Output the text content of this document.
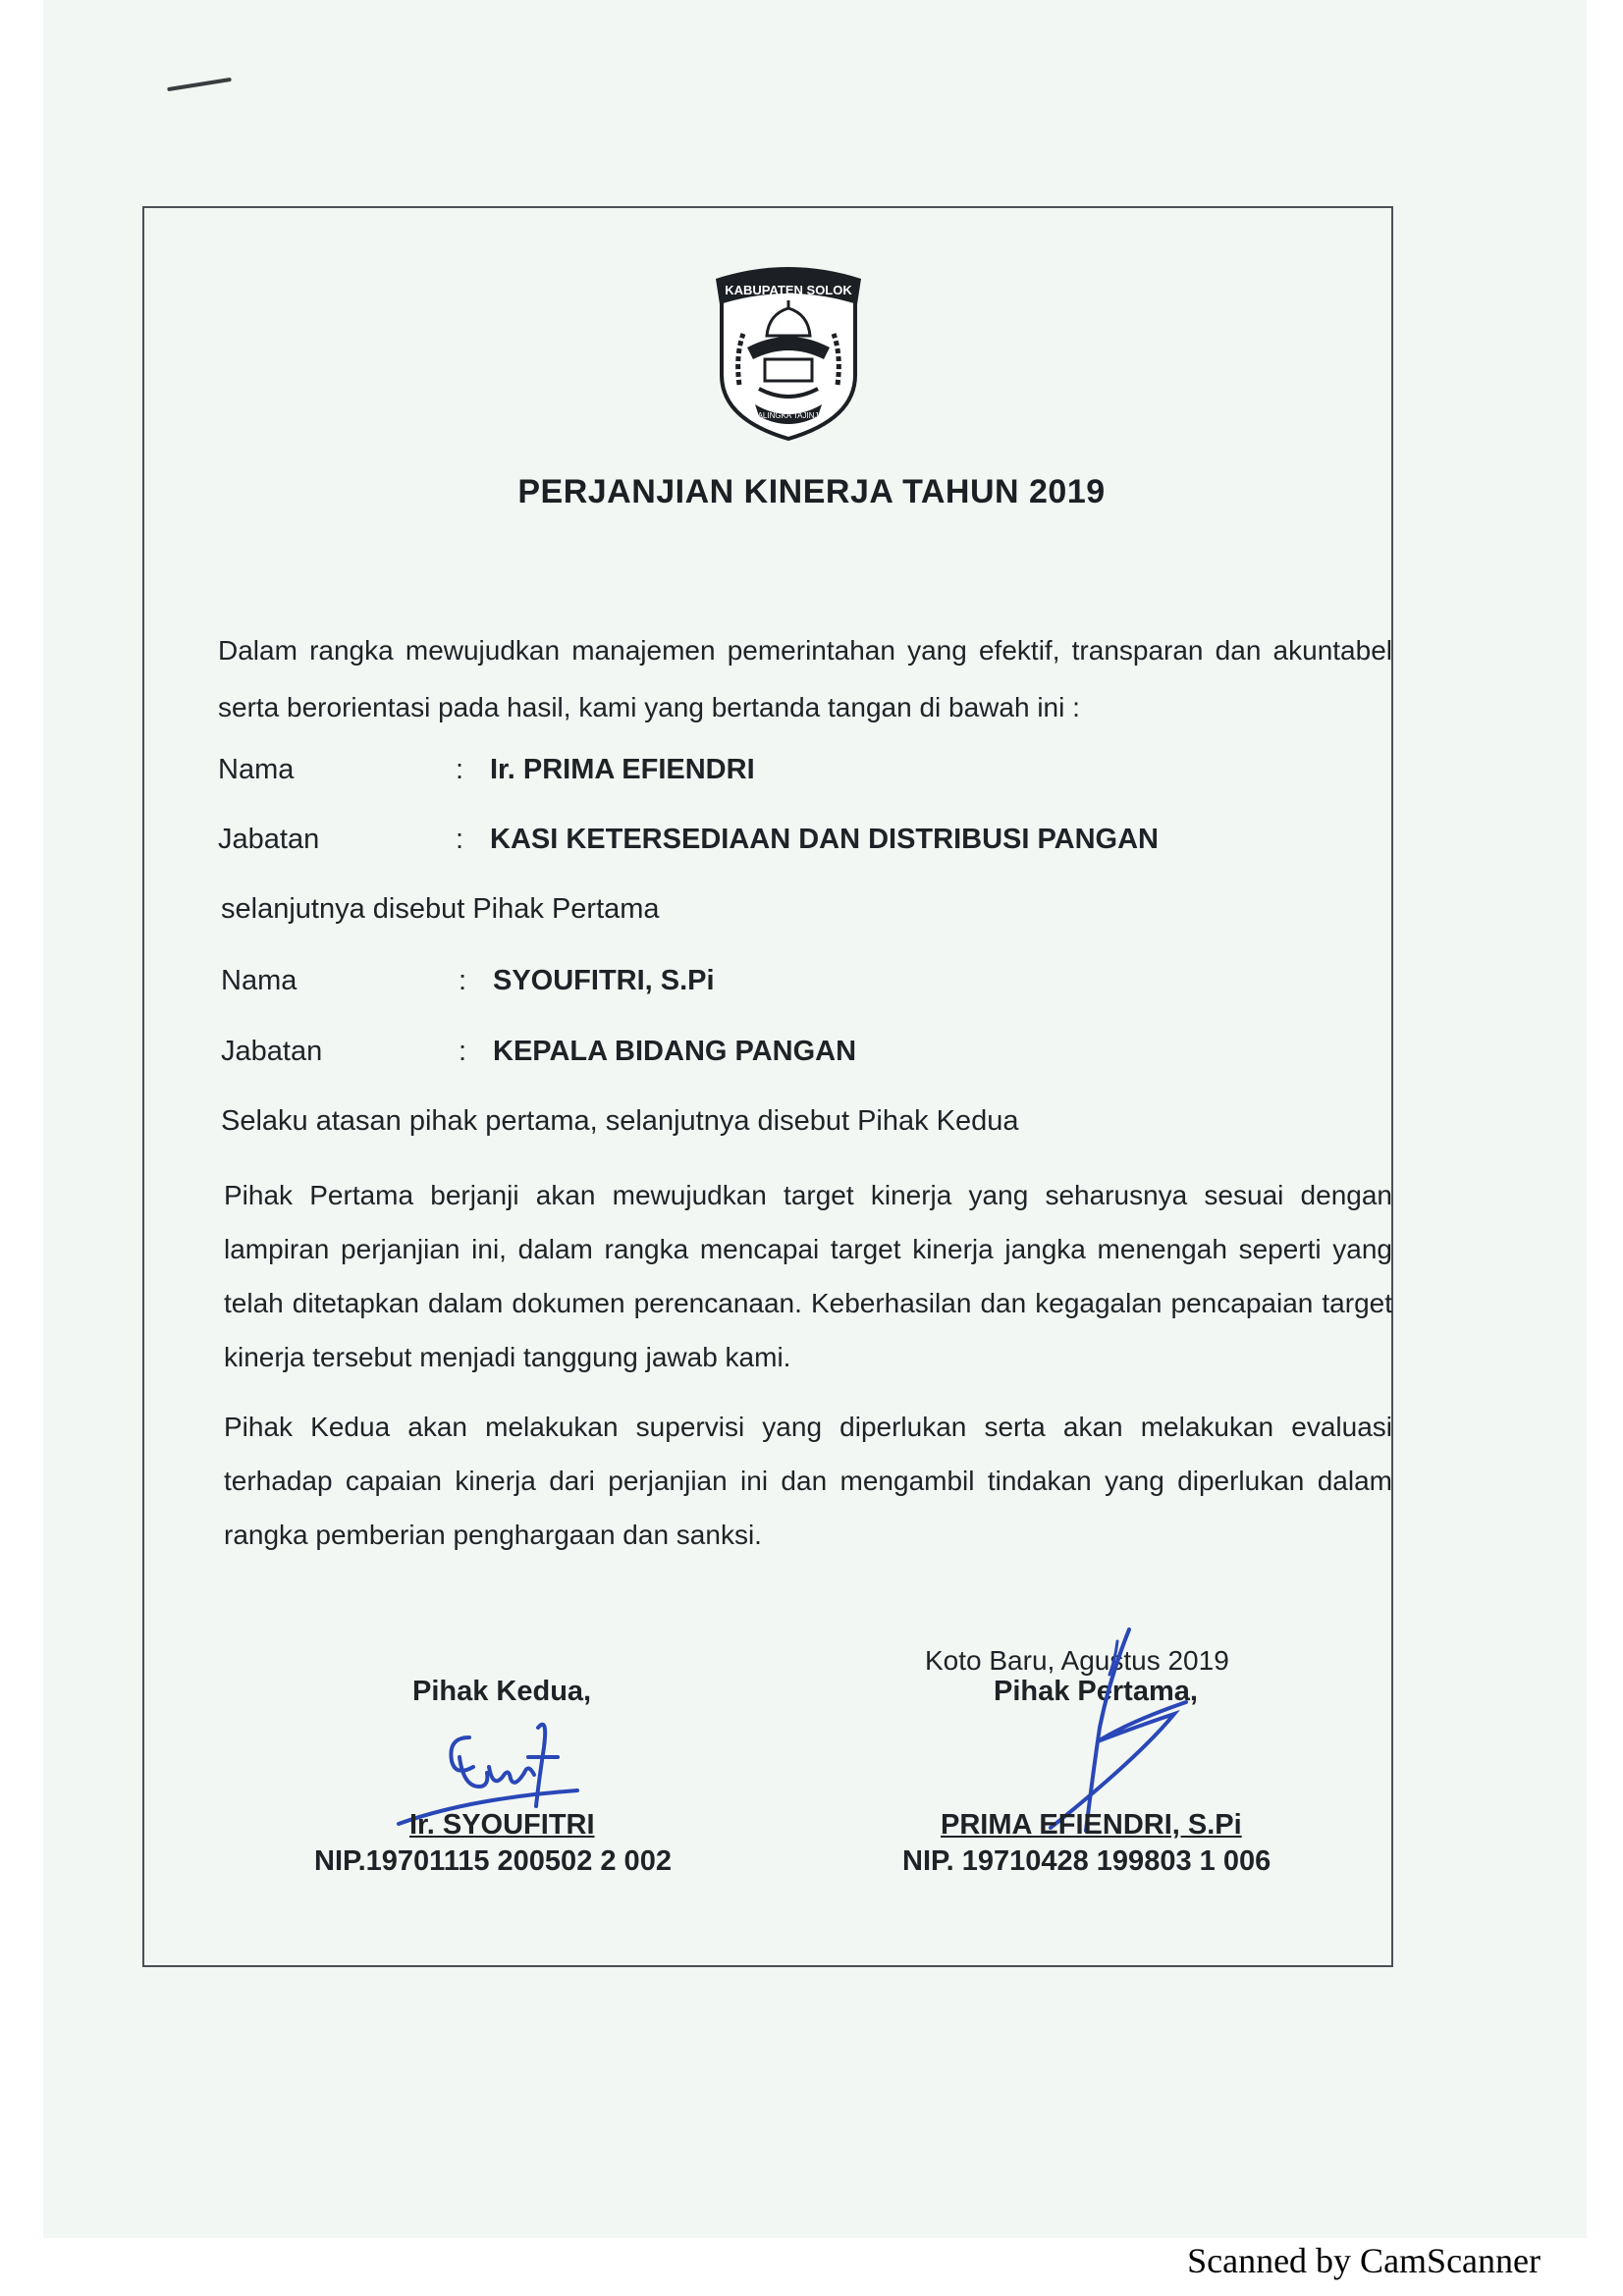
KABUPATEN SOLOK
SALINGKA TAJINJO
PERJANJIAN KINERJA TAHUN 2019
Dalam rangka mewujudkan manajemen pemerintahan yang efektif, transparan dan akuntabel serta berorientasi pada hasil, kami yang bertanda tangan di bawah ini :
Nama	: Ir. PRIMA EFIENDRI
Jabatan	: KASI KETERSEDIAAN DAN DISTRIBUSI PANGAN
selanjutnya disebut Pihak Pertama
Nama	: SYOUFITRI, S.Pi
Jabatan	: KEPALA BIDANG PANGAN
Selaku atasan pihak pertama, selanjutnya disebut Pihak Kedua
Pihak Pertama berjanji akan mewujudkan target kinerja yang seharusnya sesuai dengan lampiran perjanjian ini, dalam rangka mencapai target kinerja jangka menengah seperti yang telah ditetapkan dalam dokumen perencanaan. Keberhasilan dan kegagalan pencapaian target kinerja tersebut menjadi tanggung jawab kami.
Pihak Kedua akan melakukan supervisi yang diperlukan serta akan melakukan evaluasi terhadap capaian kinerja dari perjanjian ini dan mengambil tindakan yang diperlukan dalam rangka pemberian penghargaan dan sanksi.
Koto Baru, Agustus 2019
Pihak Kedua,
Ir. SYOUFITRI
NIP.19701115 200502 2 002
Pihak Pertama,
PRIMA EFIENDRI, S.Pi
NIP. 19710428 199803 1 006
Scanned by CamScanner
